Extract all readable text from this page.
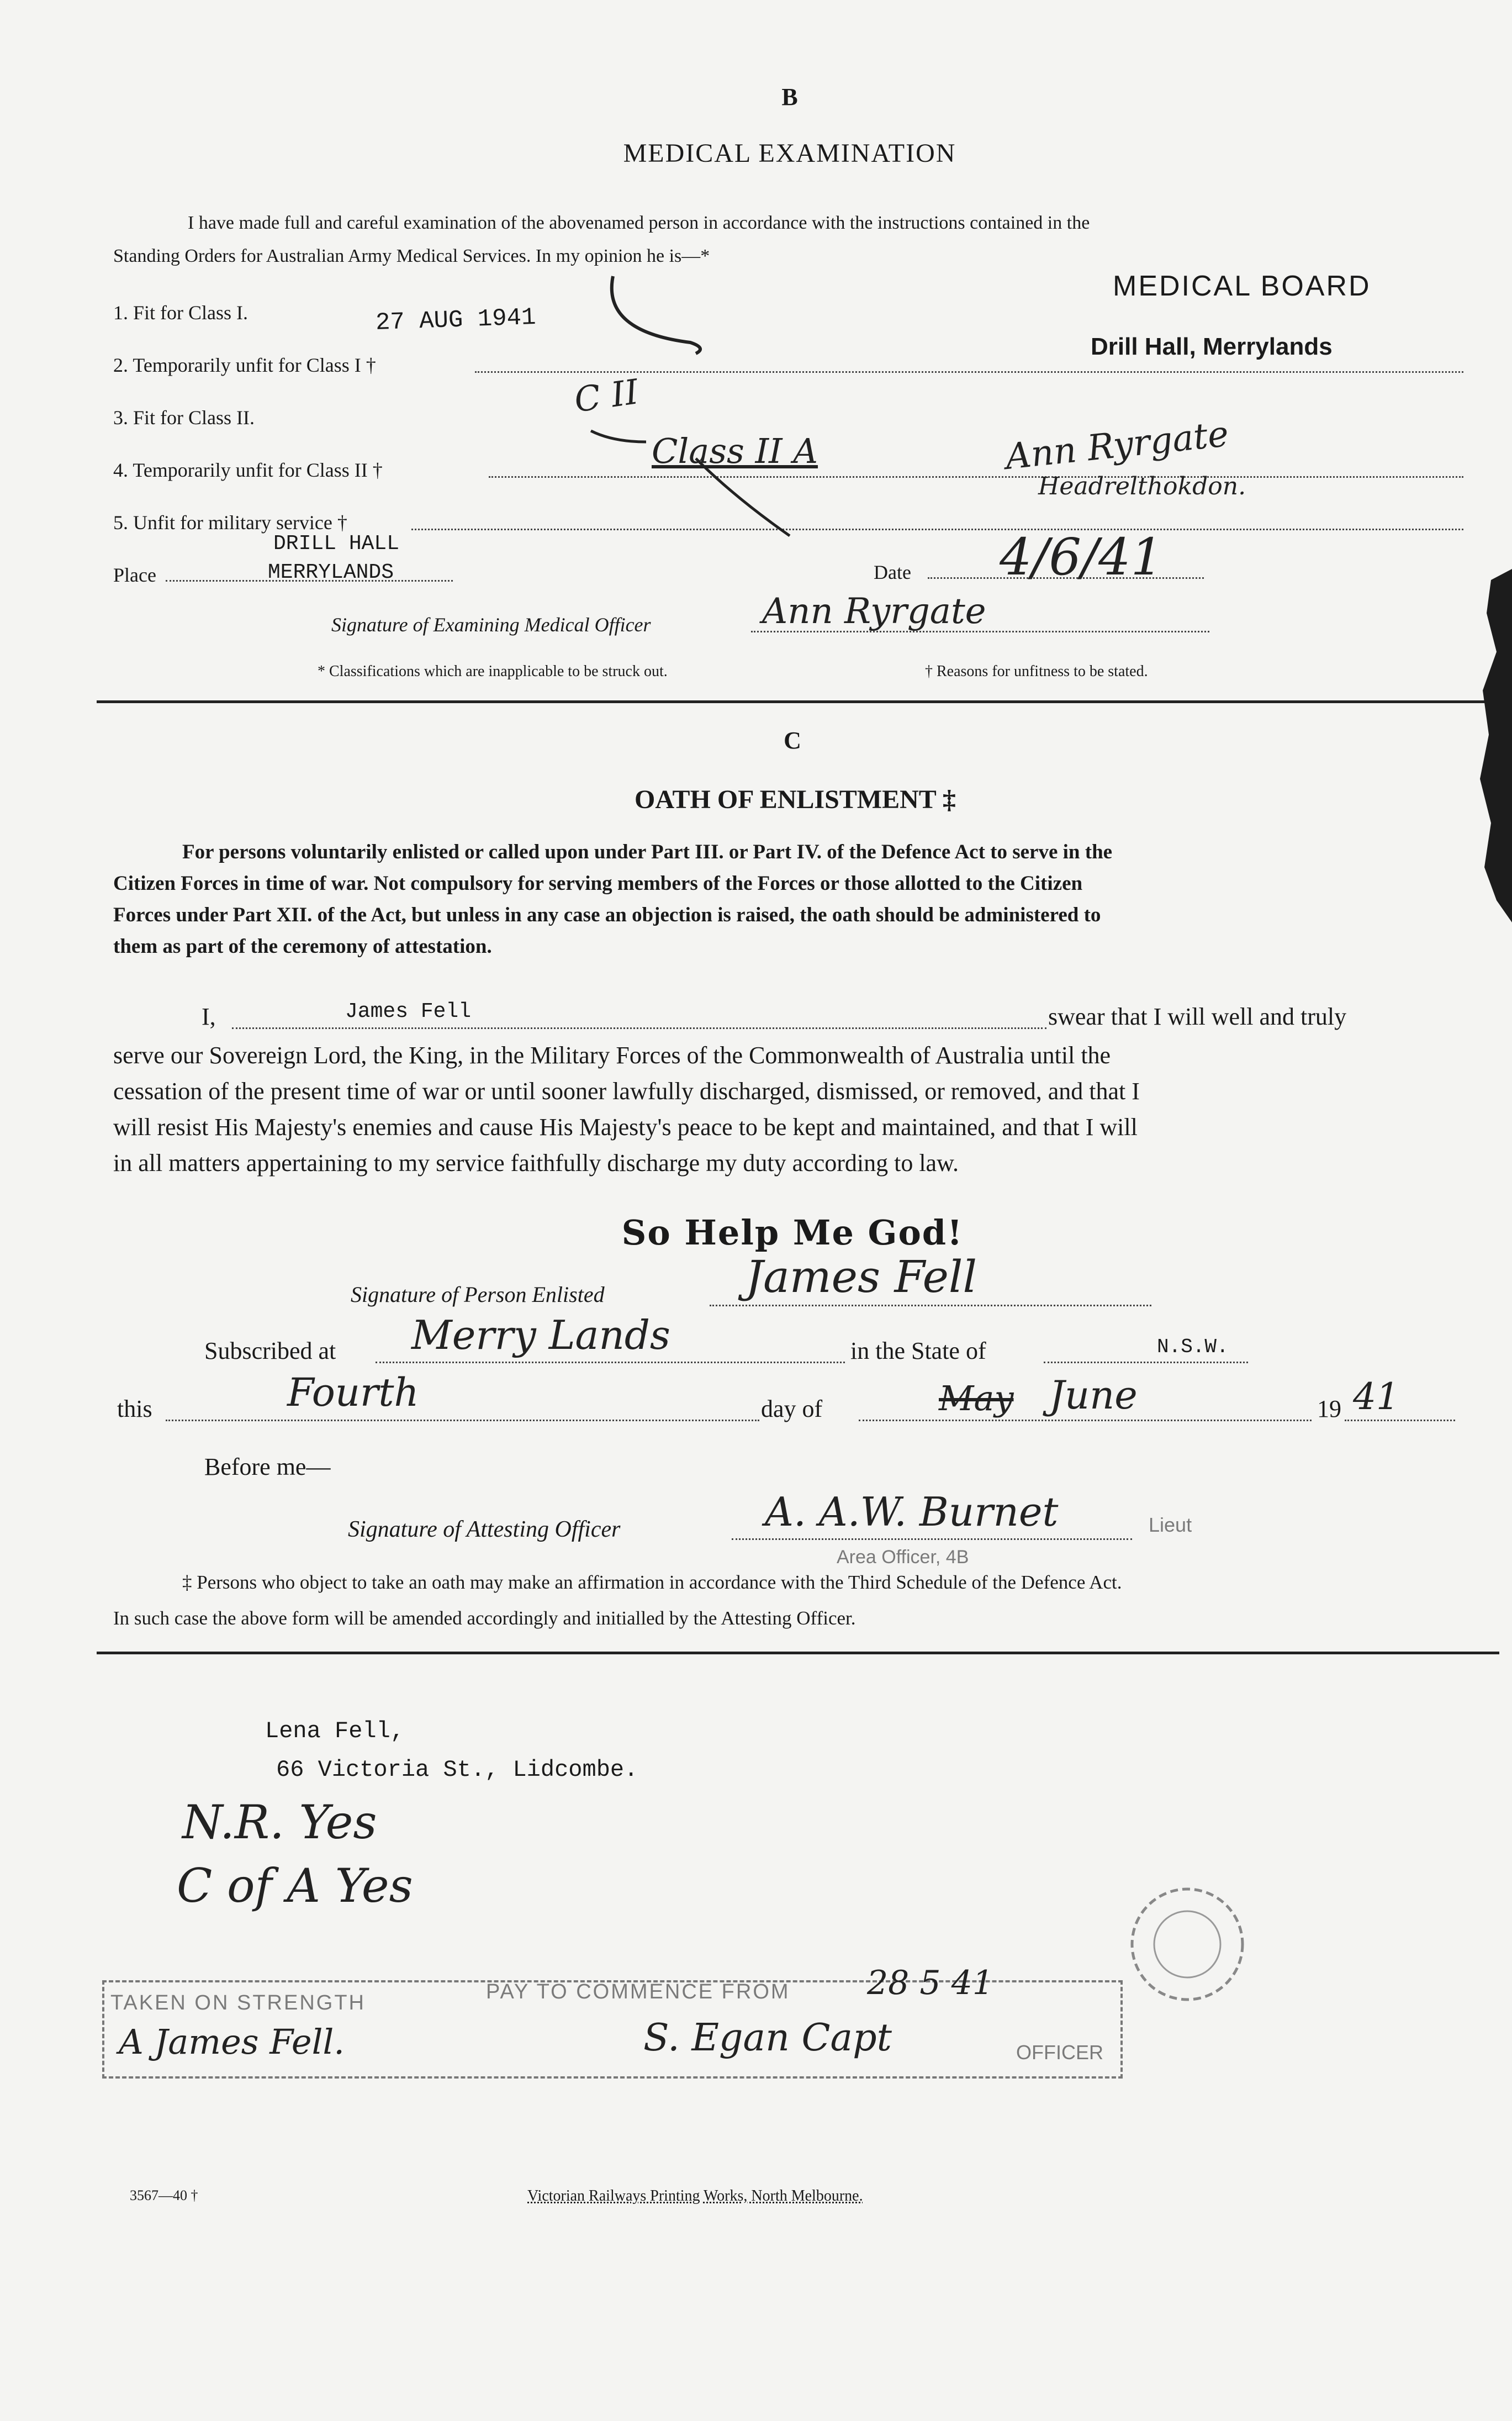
B
MEDICAL EXAMINATION
I have made full and careful examination of the abovenamed person in accordance with the instructions contained in the
Standing Orders for Australian Army Medical Services. In my opinion he is—*
1. Fit for Class I.
2. Temporarily unfit for Class I †
3. Fit for Class II.
4. Temporarily unfit for Class II †
5. Unfit for military service †
27 AUG 1941
MEDICAL BOARD
Drill Hall, Merrylands
C II
Class II A	Ann Ryrgate
Headrelthokdon.
DRILL HALL
Place	MERRYLANDS	Date 4/6/41
Signature of Examining Medical Officer	Ann Ryrgate
* Classifications which are inapplicable to be struck out.	† Reasons for unfitness to be stated.
C
OATH OF ENLISTMENT ‡
For persons voluntarily enlisted or called upon under Part III. or Part IV. of the Defence Act to serve in the
Citizen Forces in time of war. Not compulsory for serving members of the Forces or those allotted to the Citizen
Forces under Part XII. of the Act, but unless in any case an objection is raised, the oath should be administered to
them as part of the ceremony of attestation.
I,	James Fell	swear that I will well and truly
serve our Sovereign Lord, the King, in the Military Forces of the Commonwealth of Australia until the
cessation of the present time of war or until sooner lawfully discharged, dismissed, or removed, and that I
will resist His Majesty's enemies and cause His Majesty's peace to be kept and maintained, and that I will
in all matters appertaining to my service faithfully discharge my duty according to law.
So Help Me God!
Signature of Person Enlisted	James Fell
Subscribed at Merry Lands	in the State of	N.S.W.
this	Fourth	day of	May June	19 41
Before me—
Signature of Attesting Officer	A. A.W. Burnet	Lieut
Area Officer, 4B
‡ Persons who object to take an oath may make an affirmation in accordance with the Third Schedule of the Defence Act.
In such case the above form will be amended accordingly and initialled by the Attesting Officer.
Lena Fell,
66 Victoria St., Lidcombe.
N.R. Yes
C of A Yes
TAKEN ON STRENGTH	PAY TO COMMENCE FROM 28 5 41
A James Fell.	S. Egan Capt	OFFICER
3567—40 †	Victorian Railways Printing Works, North Melbourne.
